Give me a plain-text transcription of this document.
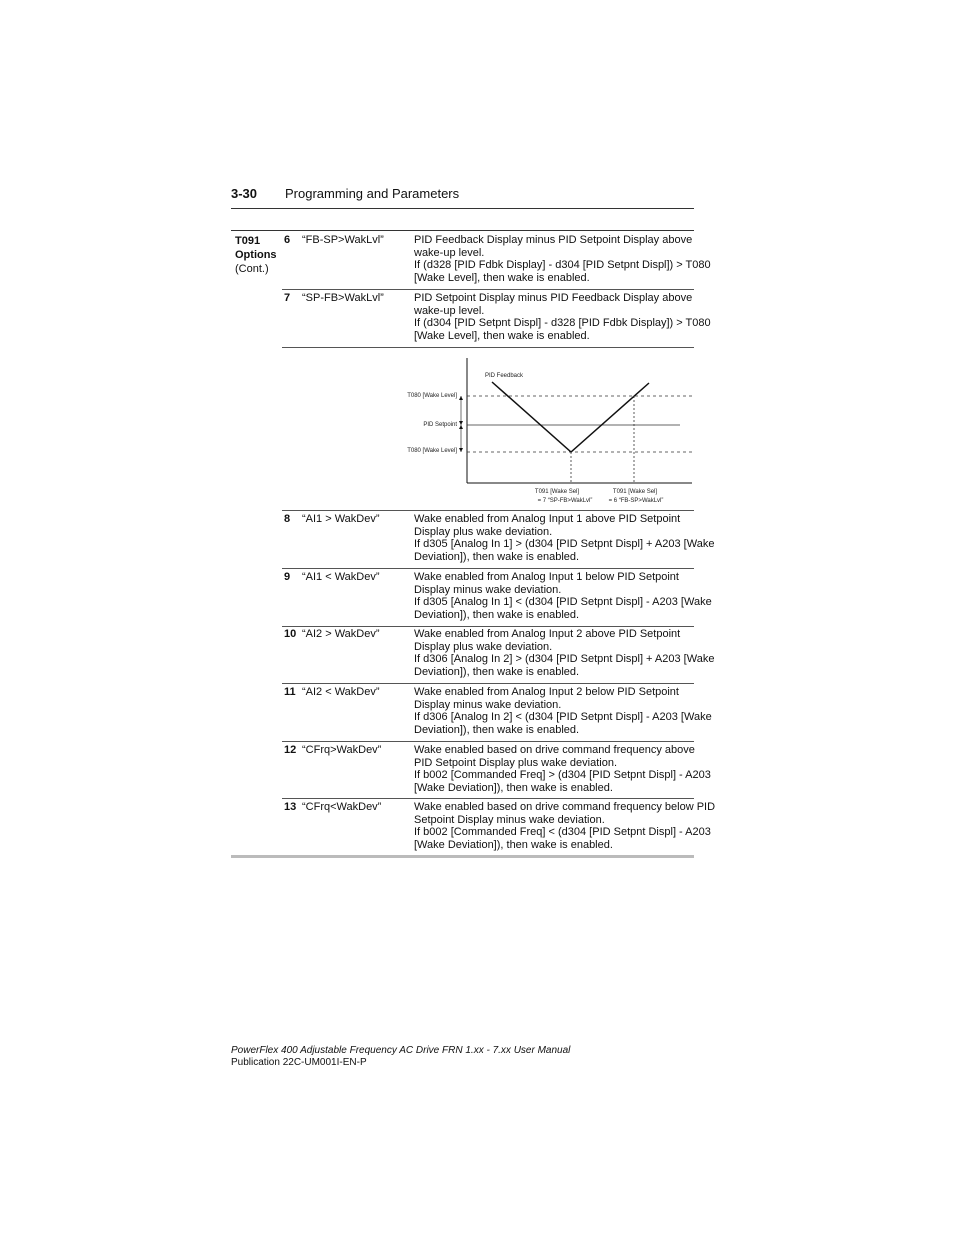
3-30 Programming and Parameters
T091
Options
(Cont.)
6 “FB-SP>WakLvl”	PID Feedback Display minus PID Setpoint Display above
wake-up level.
If (d328 [PID Fdbk Display] - d304 [PID Setpnt Displ]) > T080
[Wake Level], then wake is enabled.
7 “SP-FB>WakLvl”	PID Setpoint Display minus PID Feedback Display above
wake-up level.
If (d304 [PID Setpnt Displ] - d328 [PID Fdbk Display]) > T080
[Wake Level], then wake is enabled.
PID Feedback
T080 [Wake Level]
PID Setpoint
T080 [Wake Level]
T091 [Wake Sel]
= 7 “SP-FB>WakLvl”
T091 [Wake Sel]
= 6 “FB-SP>WakLvl”
8 “AI1 > WakDev”	Wake enabled from Analog Input 1 above PID Setpoint
Display plus wake deviation.
If d305 [Analog In 1] > (d304 [PID Setpnt Displ] + A203 [Wake
Deviation]), then wake is enabled.
9 “AI1 < WakDev”	Wake enabled from Analog Input 1 below PID Setpoint
Display minus wake deviation.
If d305 [Analog In 1] < (d304 [PID Setpnt Displ] - A203 [Wake
Deviation]), then wake is enabled.
10 “AI2 > WakDev”	Wake enabled from Analog Input 2 above PID Setpoint
Display plus wake deviation.
If d306 [Analog In 2] > (d304 [PID Setpnt Displ] + A203 [Wake
Deviation]), then wake is enabled.
11 “AI2 < WakDev”	Wake enabled from Analog Input 2 below PID Setpoint
Display minus wake deviation.
If d306 [Analog In 2] < (d304 [PID Setpnt Displ] - A203 [Wake
Deviation]), then wake is enabled.
12 “CFrq>WakDev”	Wake enabled based on drive command frequency above
PID Setpoint Display plus wake deviation.
If b002 [Commanded Freq] > (d304 [PID Setpnt Displ] - A203
[Wake Deviation]), then wake is enabled.
13 “CFrq<WakDev”	Wake enabled based on drive command frequency below PID
Setpoint Display minus wake deviation.
If b002 [Commanded Freq] < (d304 [PID Setpnt Displ] - A203
[Wake Deviation]), then wake is enabled.
PowerFlex 400 Adjustable Frequency AC Drive FRN 1.xx - 7.xx User Manual
Publication 22C-UM001I-EN-P
